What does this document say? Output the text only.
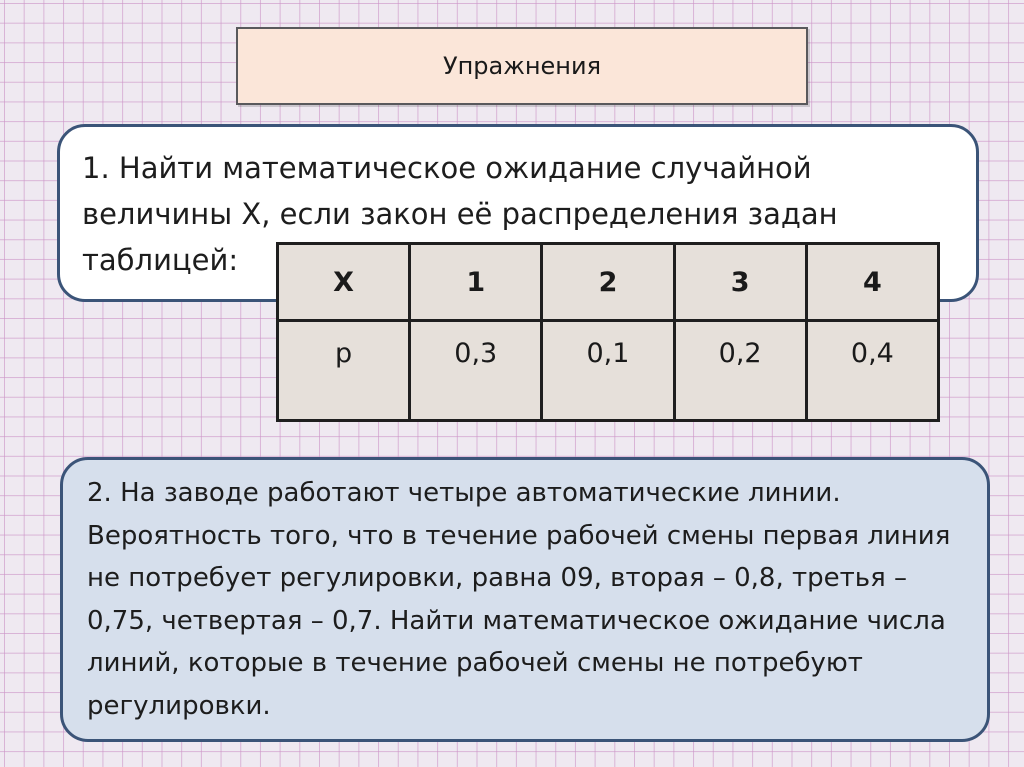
Упражнения

1. Найти математическое ожидание случайной величины X, если закон её распределения задан таблицей:

X	1	2	3	4
p	0,3	0,1	0,2	0,4

2. На заводе работают четыре автоматические линии. Вероятность того, что в течение рабочей смены первая линия не потребует регулировки, равна 09, вторая – 0,8, третья – 0,75, четвертая – 0,7. Найти математическое ожидание числа линий, которые в течение рабочей смены не потребуют регулировки.
